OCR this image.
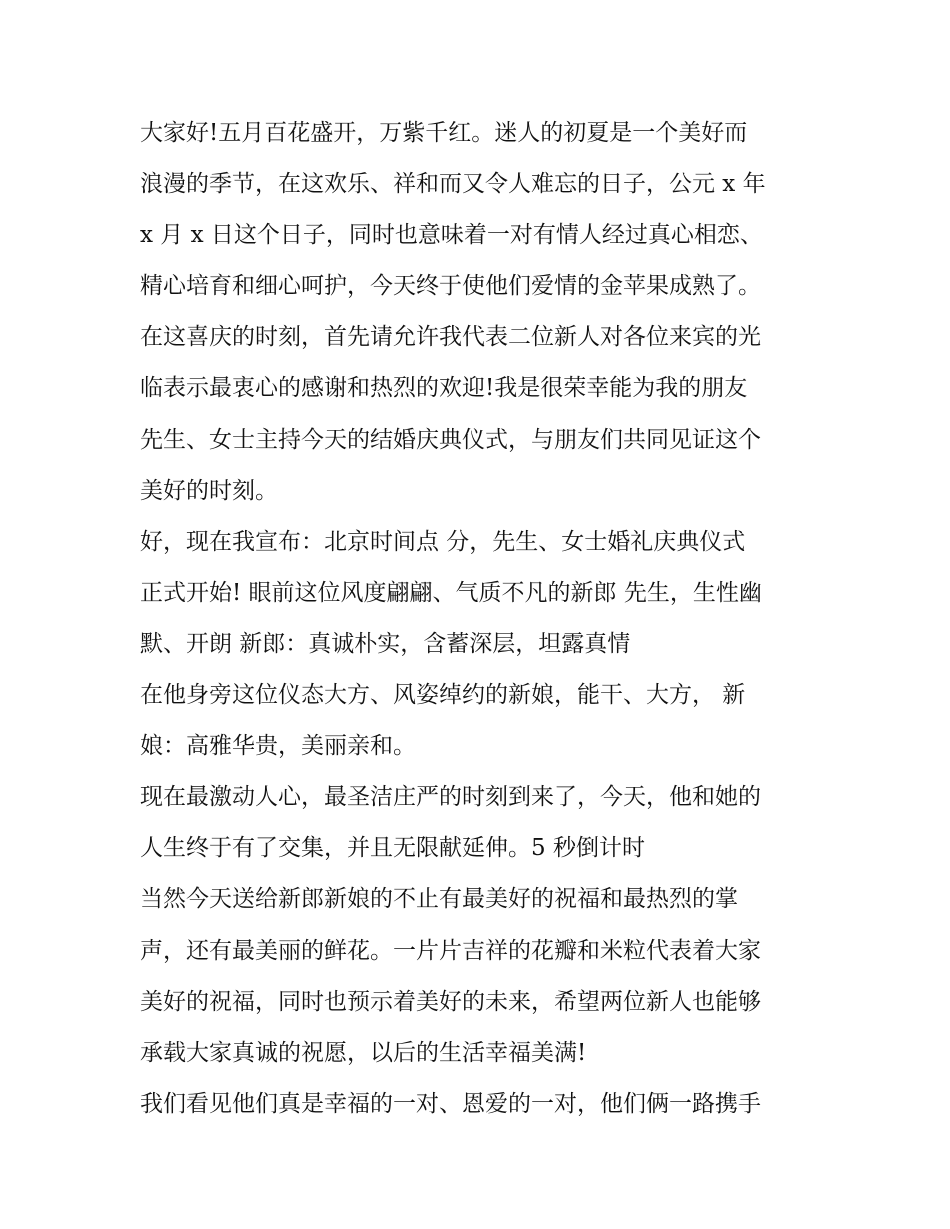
大家好!五月百花盛开，万紫千红。迷人的初夏是一个美好而
浪漫的季节，在这欢乐、祥和而又令人难忘的日子，公元 x 年
x 月 x 日这个日子，同时也意味着一对有情人经过真心相恋、
精心培育和细心呵护，今天终于使他们爱情的金苹果成熟了。
在这喜庆的时刻，首先请允许我代表二位新人对各位来宾的光
临表示最衷心的感谢和热烈的欢迎!我是很荣幸能为我的朋友
先生、女士主持今天的结婚庆典仪式，与朋友们共同见证这个
美好的时刻。
好，现在我宣布：北京时间点 分，先生、女士婚礼庆典仪式
正式开始! 眼前这位风度翩翩、气质不凡的新郎 先生，生性幽
默、开朗 新郎：真诚朴实，含蓄深层，坦露真情
在他身旁这位仪态大方、风姿绰约的新娘，能干、大方， 新
娘：高雅华贵，美丽亲和。
现在最激动人心，最圣洁庄严的时刻到来了，今天，他和她的
人生终于有了交集，并且无限献延伸。5 秒倒计时
当然今天送给新郎新娘的不止有最美好的祝福和最热烈的掌
声，还有最美丽的鲜花。一片片吉祥的花瓣和米粒代表着大家
美好的祝福，同时也预示着美好的未来，希望两位新人也能够
承载大家真诚的祝愿，以后的生活幸福美满!
我们看见他们真是幸福的一对、恩爱的一对，他们俩一路携手
